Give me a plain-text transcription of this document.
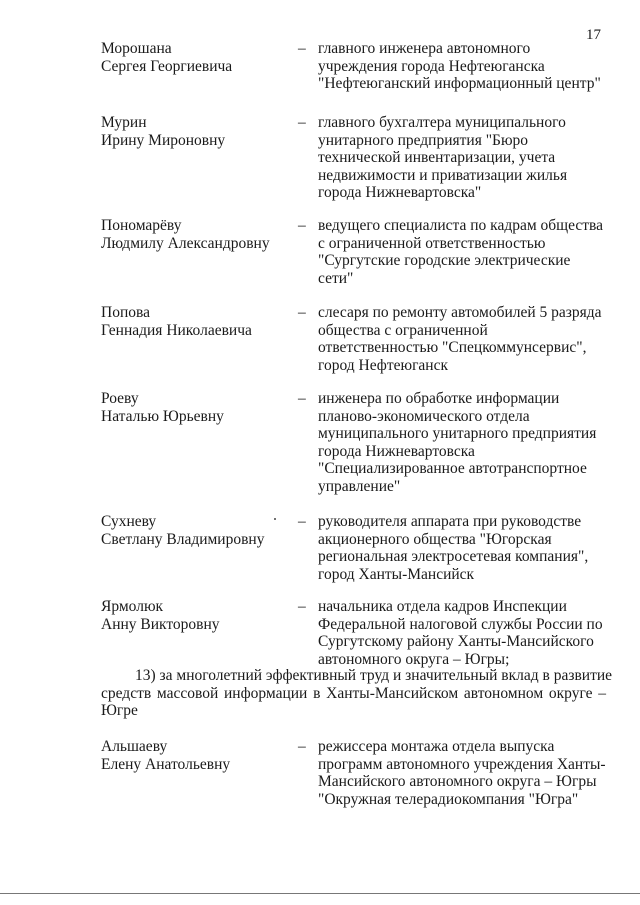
17
Морошана
Сергея Георгиевича
– главного инженера автономного
учреждения города Нефтеюганска
"Нефтеюганский информационный центр"
Мурин
Ирину Мироновну
– главного бухгалтера муниципального
унитарного предприятия "Бюро
технической инвентаризации, учета
недвижимости и приватизации жилья
города Нижневартовска"
Пономарёву
Людмилу Александровну
– ведущего специалиста по кадрам общества
с ограниченной ответственностью
"Сургутские городские электрические
сети"
Попова
Геннадия Николаевича
– слесаря по ремонту автомобилей 5 разряда
общества с ограниченной
ответственностью "Спецкоммунсервис",
город Нефтеюганск
Роеву
Наталью Юрьевну
– инженера по обработке информации
планово-экономического отдела
муниципального унитарного предприятия
города Нижневартовска
"Специализированное автотранспортное
управление"
Сухневу
Светлану Владимировну
– руководителя аппарата при руководстве
акционерного общества "Югорская
региональная электросетевая компания",
город Ханты-Мансийск
Ярмолюк
Анну Викторовну
– начальника отдела кадров Инспекции
Федеральной налоговой службы России по
Сургутскому району Ханты-Мансийского
автономного округа – Югры;
Альшаеву
Елену Анатольевну
– режиссера монтажа отдела выпуска
программ автономного учреждения Ханты-
Мансийского автономного округа – Югры
"Окружная телерадиокомпания "Югра"
13) за многолетний эффективный труд и значительный вклад в развитие
средств массовой информации в Ханты-Мансийском автономном округе –
Югре
